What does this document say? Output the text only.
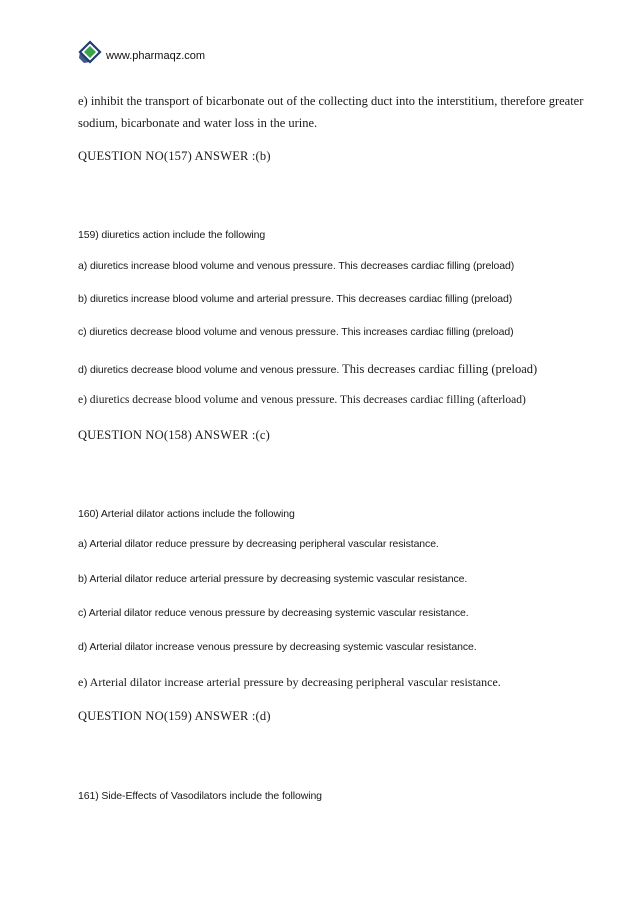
www.pharmaqz.com

e) inhibit the transport of bicarbonate out of the collecting duct into the interstitium, therefore greater

sodium, bicarbonate and water loss in the urine.

QUESTION NO(157) ANSWER :(b)

159) diuretics action include the following

a) diuretics increase blood volume and venous pressure. This decreases cardiac filling (preload)

b) diuretics increase blood volume and arterial pressure. This decreases cardiac filling (preload)

c) diuretics decrease blood volume and venous pressure. This increases cardiac filling (preload)

d) diuretics decrease blood volume and venous pressure. This decreases cardiac filling (preload)

e) diuretics decrease blood volume and venous pressure. This decreases cardiac filling (afterload)

QUESTION NO(158) ANSWER :(c)

160) Arterial dilator actions include the following

a) Arterial dilator reduce pressure by decreasing peripheral vascular resistance.

b) Arterial dilator reduce arterial pressure by decreasing systemic vascular resistance.

c) Arterial dilator reduce venous pressure by decreasing systemic vascular resistance.

d) Arterial dilator increase venous pressure by decreasing systemic vascular resistance.

e) Arterial dilator increase arterial pressure by decreasing peripheral vascular resistance.

QUESTION NO(159) ANSWER :(d)

161) Side-Effects of Vasodilators include the following
